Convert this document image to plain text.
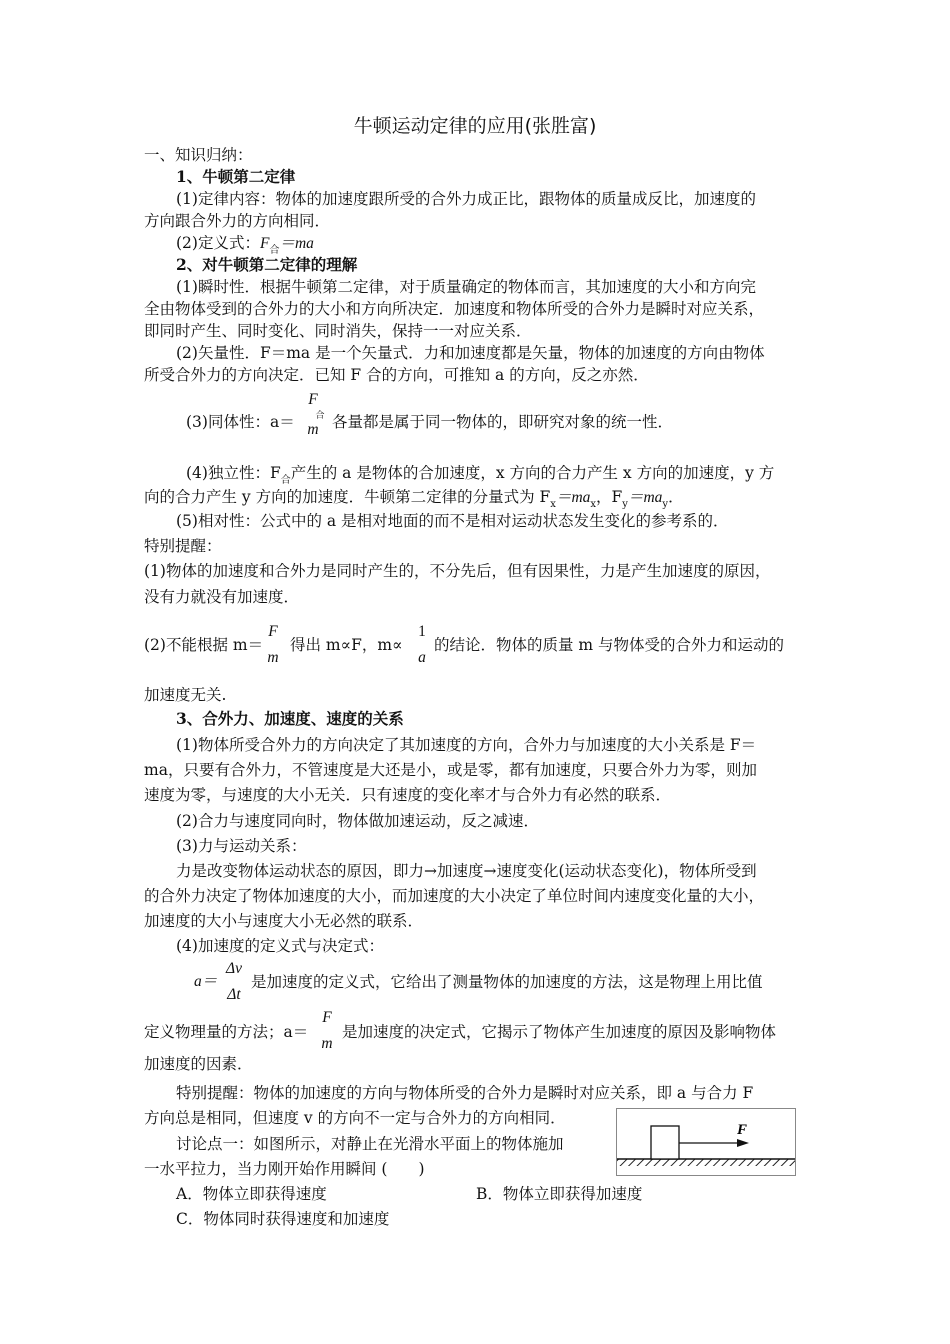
牛顿运动定律的应用(张胜富)
一、知识归纳：
1、牛顿第二定律
(1)定律内容：物体的加速度跟所受的合外力成正比，跟物体的质量成反比，加速度的
方向跟合外力的方向相同．
(2)定义式：$F_合=ma$
2、对牛顿第二定律的理解
(1)瞬时性．根据牛顿第二定律，对于质量确定的物体而言，其加速度的大小和方向完
全由物体受到的合外力的大小和方向所决定．加速度和物体所受的合外力是瞬时对应关系，
即同时产生、同时变化、同时消失，保持一一对应关系．
(2)矢量性．F＝ma 是一个矢量式．力和加速度都是矢量，物体的加速度的方向由物体
所受合外力的方向决定．已知 F 合的方向，可推知 a 的方向，反之亦然．
(3)同体性：a＝
F
合
m 各量都是属于同一物体的，即研究对象的统一性．
(4)独立性：$F_合$产生的 a 是物体的合加速度，x 方向的合力产生 x 方向的加速度，y 方
向的合力产生 y 方向的加速度．牛顿第二定律的分量式为 $F_x=ma_x$，$F_y=ma_y$．
(5)相对性：公式中的 a 是相对地面的而不是相对运动状态发生变化的参考系的．
特别提醒：
(1)物体的加速度和合外力是同时产生的，不分先后，但有因果性，力是产生加速度的原因，
没有力就没有加速度．
(2)不能根据 m＝
F
m
得出 m∝F，m∝
1
a
的结论．物体的质量 m 与物体受的合外力和运动的
加速度无关.
3、合外力、加速度、速度的关系
(1)物体所受合外力的方向决定了其加速度的方向，合外力与加速度的大小关系是 F＝
ma，只要有合外力，不管速度是大还是小，或是零，都有加速度，只要合外力为零，则加
速度为零，与速度的大小无关．只有速度的变化率才与合外力有必然的联系．
(2)合力与速度同向时，物体做加速运动，反之减速．
(3)力与运动关系：
力是改变物体运动状态的原因，即力→加速度→速度变化(运动状态变化)，物体所受到
的合外力决定了物体加速度的大小，而加速度的大小决定了单位时间内速度变化量的大小，
加速度的大小与速度大小无必然的联系．
(4)加速度的定义式与决定式：
a＝
Δv
Δt
是加速度的定义式，它给出了测量物体的加速度的方法，这是物理上用比值
定义物理量的方法；a＝
F
m
是加速度的决定式，它揭示了物体产生加速度的原因及影响物体
加速度的因素．
特别提醒：物体的加速度的方向与物体所受的合外力是瞬时对应关系，即 a 与合力 F
方向总是相同，但速度 v 的方向不一定与合外力的方向相同．
讨论点一：如图所示，对静止在光滑水平面上的物体施加
一水平拉力，当力刚开始作用瞬间 (　　)
A．物体立即获得速度	B．物体立即获得加速度
C．物体同时获得速度和加速度
F
